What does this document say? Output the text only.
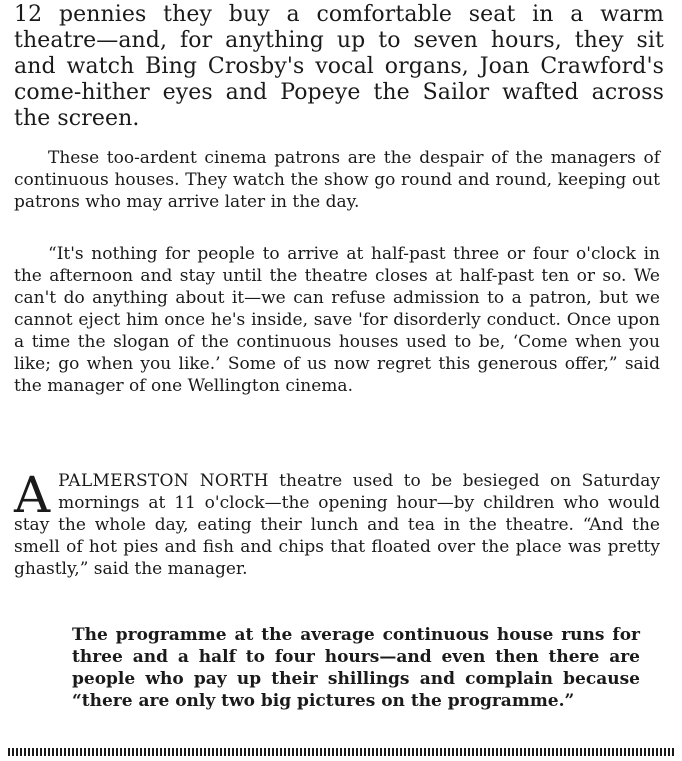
12 pennies they buy a comfortable seat in a warm theatre—and, for anything up to seven hours, they sit and watch Bing Crosby's vocal organs, Joan Crawford's come-hither eyes and Popeye the Sailor wafted across the screen.

These too-ardent cinema patrons are the despair of the managers of continuous houses. They watch the show go round and round, keeping out patrons who may arrive later in the day.

“It's nothing for people to arrive at half-past three or four o'clock in the afternoon and stay until the theatre closes at half-past ten or so. We can't do anything about it—we can refuse admission to a patron, but we cannot eject him once he's inside, save 'for disorderly conduct. Once upon a time the slogan of the continuous houses used to be, ‘Come when you like; go when you like.’ Some of us now regret this generous offer,” said the manager of one Wellington cinema.

APALMERSTON NORTH theatre used to be besieged on Saturday mornings at 11 o'clock—the opening hour—by children who would stay the whole day, eating their lunch and tea in the theatre. “And the smell of hot pies and fish and chips that floated over the place was pretty ghastly,” said the manager.

The programme at the average continuous house runs for three and a half to four hours—and even then there are people who pay up their shillings and complain because “there are only two big pictures on the programme.”
